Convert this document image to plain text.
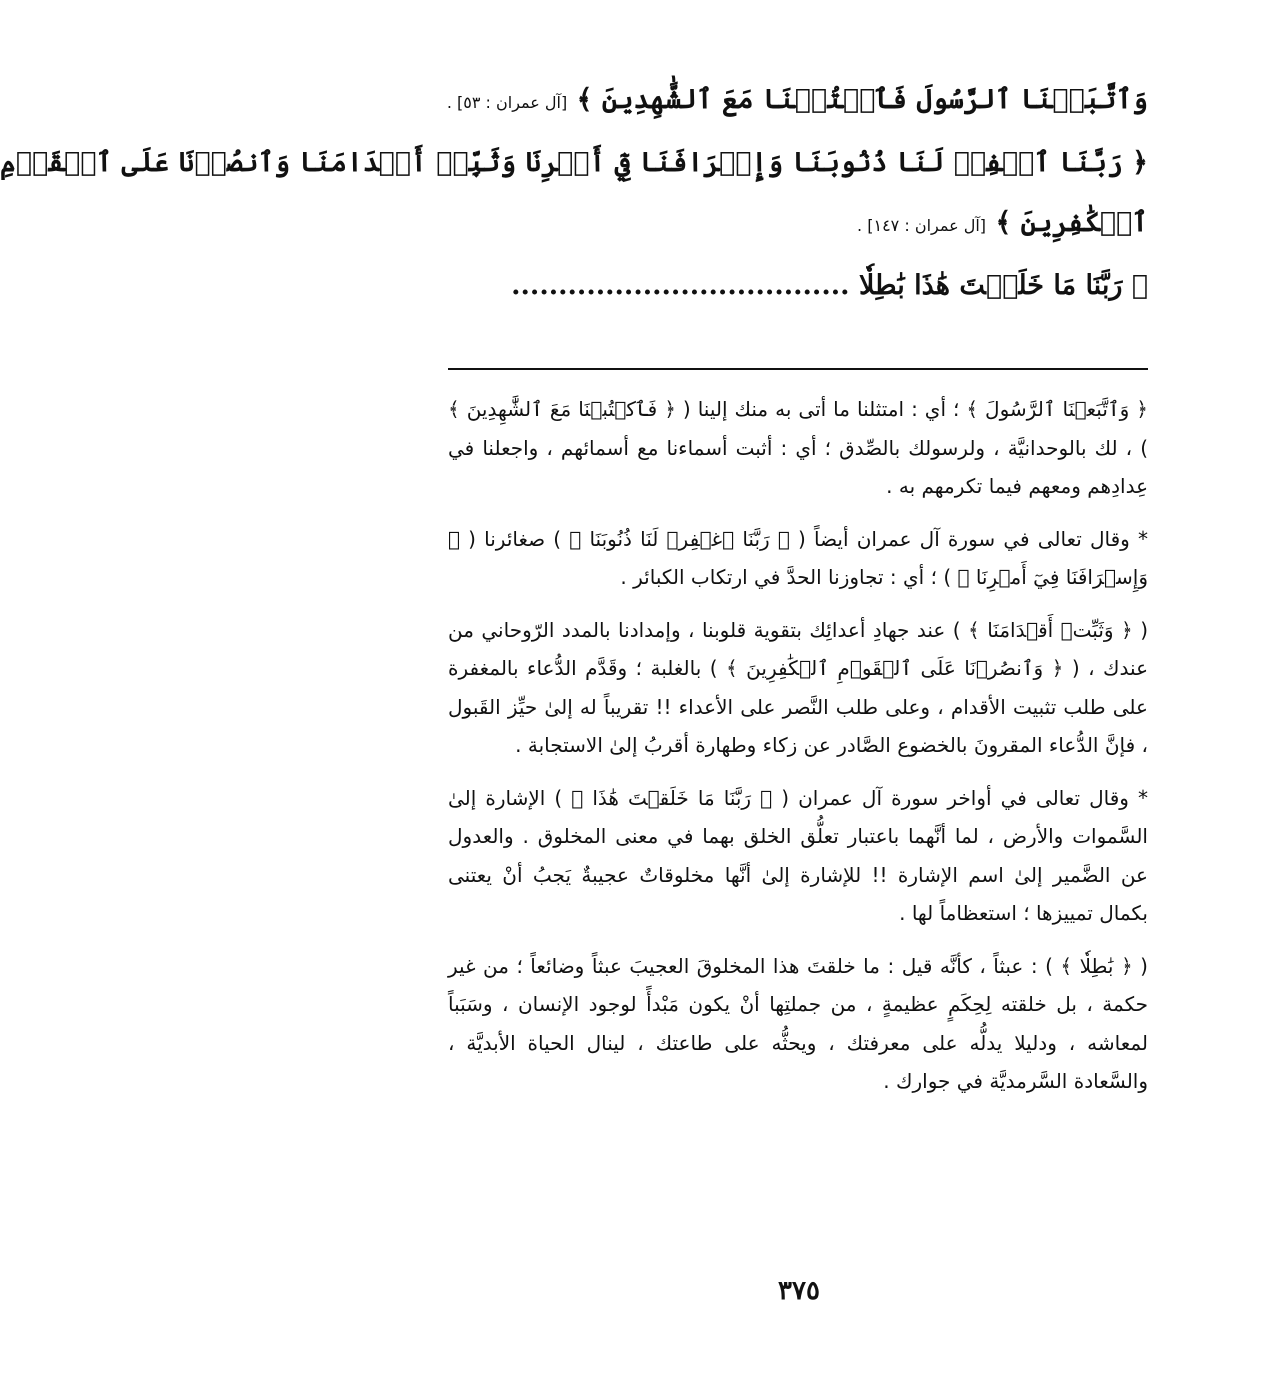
وَٱتَّبَعۡنَا ٱلرَّسُولَ فَٱكۡتُبۡنَا مَعَ ٱلشَّٰهِدِينَ ﴾ [آل عمران : ٥٣] .
﴿ رَبَّنَا ٱغۡفِرۡ لَنَا ذُنُوبَنَا وَإِسۡرَافَنَا فِيٓ أَمۡرِنَا وَثَبِّتۡ أَقۡدَامَنَا وَٱنصُرۡنَا عَلَى ٱلۡقَوۡمِ
ٱلۡكَٰفِرِينَ ﴾ [آل عمران : ١٤٧] .
﴿ رَبَّنَا مَا خَلَقۡتَ هَٰذَا بَٰطِلٗا ....................................

﴿ وَٱتَّبَعۡنَا ٱلرَّسُولَ ﴾ ؛ أي : امتثلنا ما أتى به منك إلينا ( ﴿ فَٱكۡتُبۡنَا مَعَ ٱلشَّٰهِدِينَ ﴾ ) ، لك بالوحدانيَّة ، ولرسولك بالصِّدق ؛ أي : أثبت أسماءنا مع أسمائهم ، واجعلنا في عِدادِهم ومعهم فيما تكرمهم به .

* وقال تعالى في سورة آل عمران أيضاً ( ﴿ رَبَّنَا ٱغۡفِرۡ لَنَا ذُنُوبَنَا ﴾ ) صغائرنا ( ﴿ وَإِسۡرَافَنَا فِيٓ أَمۡرِنَا ﴾ ) ؛ أي : تجاوزنا الحدَّ في ارتكاب الكبائر .

( ﴿ وَثَبِّتۡ أَقۡدَامَنَا ﴾ ) عند جهادِ أعدائِك بتقوية قلوبنا ، وإمدادنا بالمدد الرّوحاني من عندك ، ( ﴿ وَٱنصُرۡنَا عَلَى ٱلۡقَوۡمِ ٱلۡكَٰفِرِينَ ﴾ ) بالغلبة ؛ وقَدَّم الدُّعاء بالمغفرة على طلب تثبيت الأقدام ، وعلى طلب النَّصر على الأعداء !! تقريباً له إلىٰ حيِّز القَبول ، فإنَّ الدُّعاء المقرونَ بالخضوع الصَّادر عن زكاء وطهارة أقربُ إلىٰ الاستجابة .

* وقال تعالى في أواخر سورة آل عمران ( ﴿ رَبَّنَا مَا خَلَقۡتَ هَٰذَا ﴾ ) الإشارة إلىٰ السَّموات والأرض ، لما أنَّهما باعتبار تعلُّق الخلق بهما في معنى المخلوق . والعدول عن الضَّمير إلىٰ اسم الإشارة !! للإشارة إلىٰ أنَّها مخلوقاتٌ عجيبةٌ يَجبُ أنْ يعتنى بكمال تمييزها ؛ استعظاماً لها .

( ﴿ بَٰطِلٗا ﴾ ) : عبثاً ، كأنَّه قيل : ما خلقتَ هذا المخلوقَ العجيبَ عبثاً وضائعاً ؛ من غير حكمة ، بل خلقته لِحِكَمٍ عظيمةٍ ، من جملتِها أنْ يكون مَبْدأً لوجود الإنسان ، وسَبَباً لمعاشه ، ودليلا يدلُّه على معرفتك ، ويحثُّه على طاعتك ، لينال الحياة الأبديَّة ، والسَّعادة السَّرمديَّة في جوارك .

٣٧٥
